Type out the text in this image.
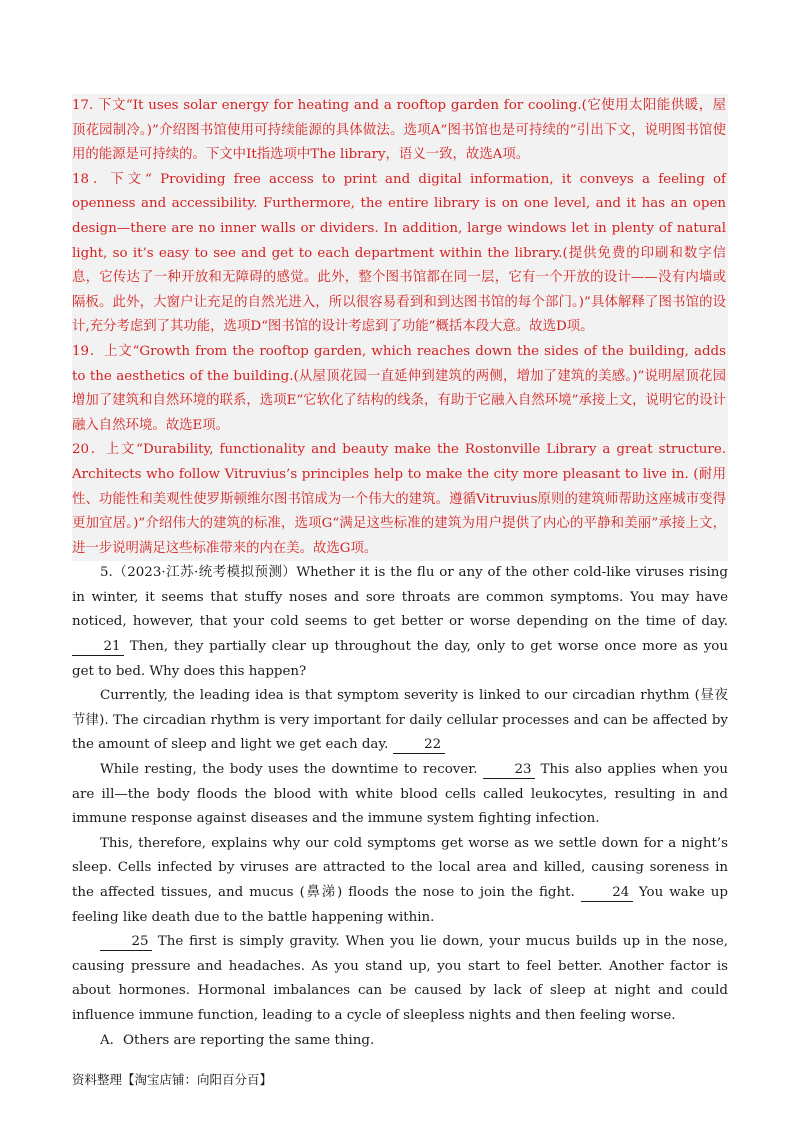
17. 下文“It uses solar energy for heating and a rooftop garden for cooling.(它使用太阳能供暖，屋顶花园制冷。)”介绍图书馆使用可持续能源的具体做法。选项A“图书馆也是可持续的”引出下文，说明图书馆使用的能源是可持续的。下文中It指选项中The library，语义一致，故选A项。

18．下文“ Providing free access to print and digital information, it conveys a feeling of openness and accessibility. Furthermore, the entire library is on one level, and it has an open design—there are no inner walls or dividers. In addition, large windows let in plenty of natural light, so it’s easy to see and get to each department within the library.(提供免费的印刷和数字信息，它传达了一种开放和无障碍的感觉。此外，整个图书馆都在同一层，它有一个开放的设计——没有内墙或隔板。此外，大窗户让充足的自然光进入，所以很容易看到和到达图书馆的每个部门。)”具体解释了图书馆的设计,充分考虑到了其功能，选项D“图书馆的设计考虑到了功能”概括本段大意。故选D项。

19．上文“Growth from the rooftop garden, which reaches down the sides of the building, adds to the aesthetics of the building.(从屋顶花园一直延伸到建筑的两侧，增加了建筑的美感。)”说明屋顶花园增加了建筑和自然环境的联系，选项E“它软化了结构的线条，有助于它融入自然环境”承接上文，说明它的设计融入自然环境。故选E项。

20．上文“Durability, functionality and beauty make the Rostonville Library a great structure. Architects who follow Vitruvius’s principles help to make the city more pleasant to live in. (耐用性、功能性和美观性使罗斯顿维尔图书馆成为一个伟大的建筑。遵循Vitruvius原则的建筑师帮助这座城市变得更加宜居。)”介绍伟大的建筑的标准，选项G“满足这些标准的建筑为用户提供了内心的平静和美丽”承接上文，进一步说明满足这些标准带来的内在美。故选G项。

5.（2023·江苏·统考模拟预测）Whether it is the flu or any of the other cold-like viruses rising in winter, it seems that stuffy noses and sore throats are common symptoms. You may have noticed, however, that your cold seems to get better or worse depending on the time of day. 21 Then, they partially clear up throughout the day, only to get worse once more as you get to bed. Why does this happen?

Currently, the leading idea is that symptom severity is linked to our circadian rhythm (昼夜节律). The circadian rhythm is very important for daily cellular processes and can be affected by the amount of sleep and light we get each day. 22

While resting, the body uses the downtime to recover. 23 This also applies when you are ill—the body floods the blood with white blood cells called leukocytes, resulting in and immune response against diseases and the immune system fighting infection.

This, therefore, explains why our cold symptoms get worse as we settle down for a night’s sleep. Cells infected by viruses are attracted to the local area and killed, causing soreness in the affected tissues, and mucus (鼻涕) floods the nose to join the fight. 24 You wake up feeling like death due to the battle happening within.

25 The first is simply gravity. When you lie down, your mucus builds up in the nose, causing pressure and headaches. As you stand up, you start to feel better. Another factor is about hormones. Hormonal imbalances can be caused by lack of sleep at night and could influence immune function, leading to a cycle of sleepless nights and then feeling worse.

A．Others are reporting the same thing.

资料整理【淘宝店铺：向阳百分百】
